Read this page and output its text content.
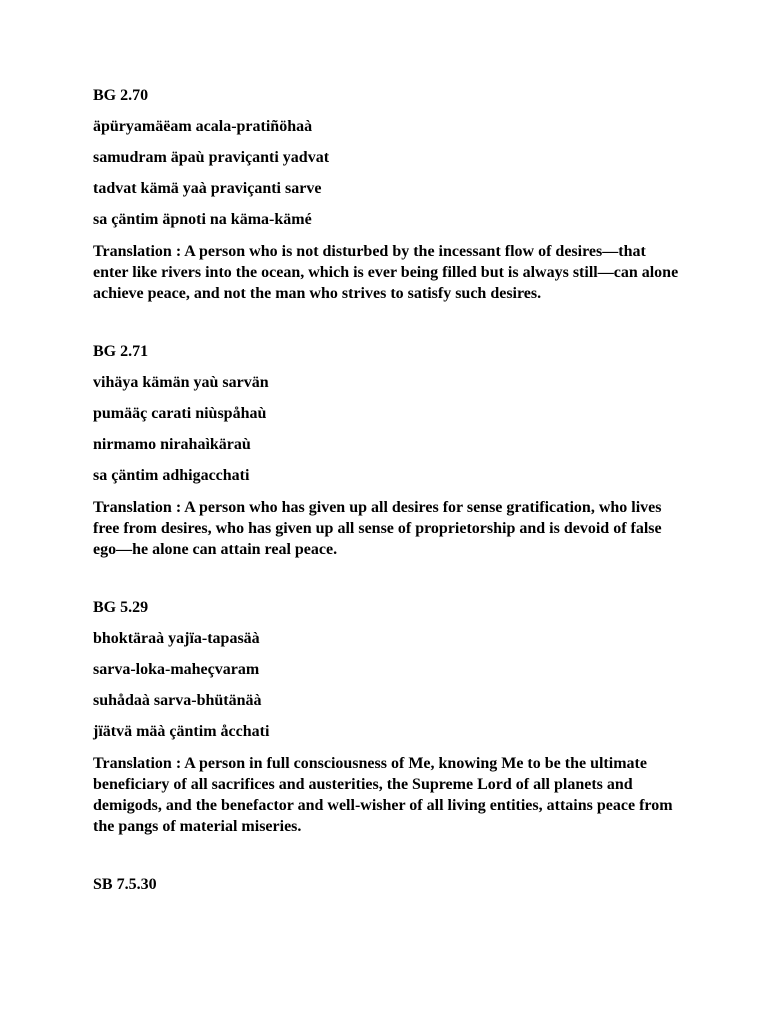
BG 2.70
äpüryamäëam acala-pratiñöhaà
samudram äpaù praviçanti yadvat
tadvat kämä yaà praviçanti sarve
sa çäntim äpnoti na käma-kämé

Translation : A person who is not disturbed by the incessant flow of desires—that enter like rivers into the ocean, which is ever being filled but is always still—can alone achieve peace, and not the man who strives to satisfy such desires.

BG 2.71
vihäya kämän yaù sarvän
pumääç carati niùspåhaù
nirmamo nirahaìkäraù
sa çäntim adhigacchati

Translation : A person who has given up all desires for sense gratification, who lives free from desires, who has given up all sense of proprietorship and is devoid of false ego—he alone can attain real peace.

BG 5.29
bhoktäraà yajïa-tapasäà
sarva-loka-maheçvaram
suhådaà sarva-bhütänäà
jïätvä mäà çäntim åcchati

Translation : A person in full consciousness of Me, knowing Me to be the ultimate beneficiary of all sacrifices and austerities, the Supreme Lord of all planets and demigods, and the benefactor and well-wisher of all living entities, attains peace from the pangs of material miseries.

SB 7.5.30
